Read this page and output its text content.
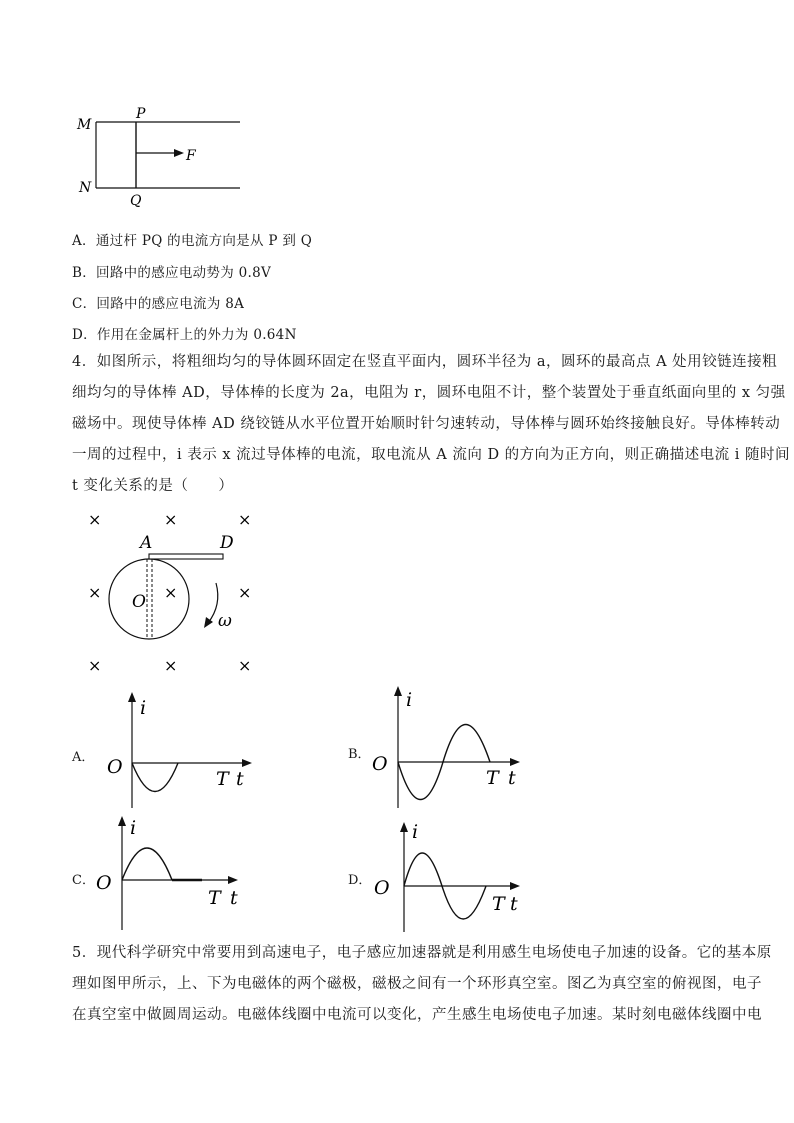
M
N
P
Q
F
A．通过杆 PQ 的电流方向是从 P 到 Q
B．回路中的感应电动势为 0.8V
C．回路中的感应电流为 8A
D．作用在金属杆上的外力为 0.64N
4．如图所示，将粗细均匀的导体圆环固定在竖直平面内，圆环半径为 a，圆环的最高点 A 处用铰链连接粗
细均匀的导体棒 AD，导体棒的长度为 2a，电阻为 r，圆环电阻不计，整个装置处于垂直纸面向里的 x 匀强
磁场中。现使导体棒 AD 绕铰链从水平位置开始顺时针匀速转动，导体棒与圆环始终接触良好。导体棒转动
一周的过程中，i 表示 x 流过导体棒的电流，取电流从 A 流向 D 的方向为正方向，则正确描述电流 i 随时间
t 变化关系的是（　　）
×	×	×
×	×	×
×	×	×
A	D
O
ω
A．
i
O
T t
B．
i
O
T t
C．
i
O
T t
D．
i
O
T t
5．现代科学研究中常要用到高速电子，电子感应加速器就是利用感生电场使电子加速的设备。它的基本原
理如图甲所示，上、下为电磁体的两个磁极，磁极之间有一个环形真空室。图乙为真空室的俯视图，电子
在真空室中做圆周运动。电磁体线圈中电流可以变化，产生感生电场使电子加速。某时刻电磁体线圈中电
